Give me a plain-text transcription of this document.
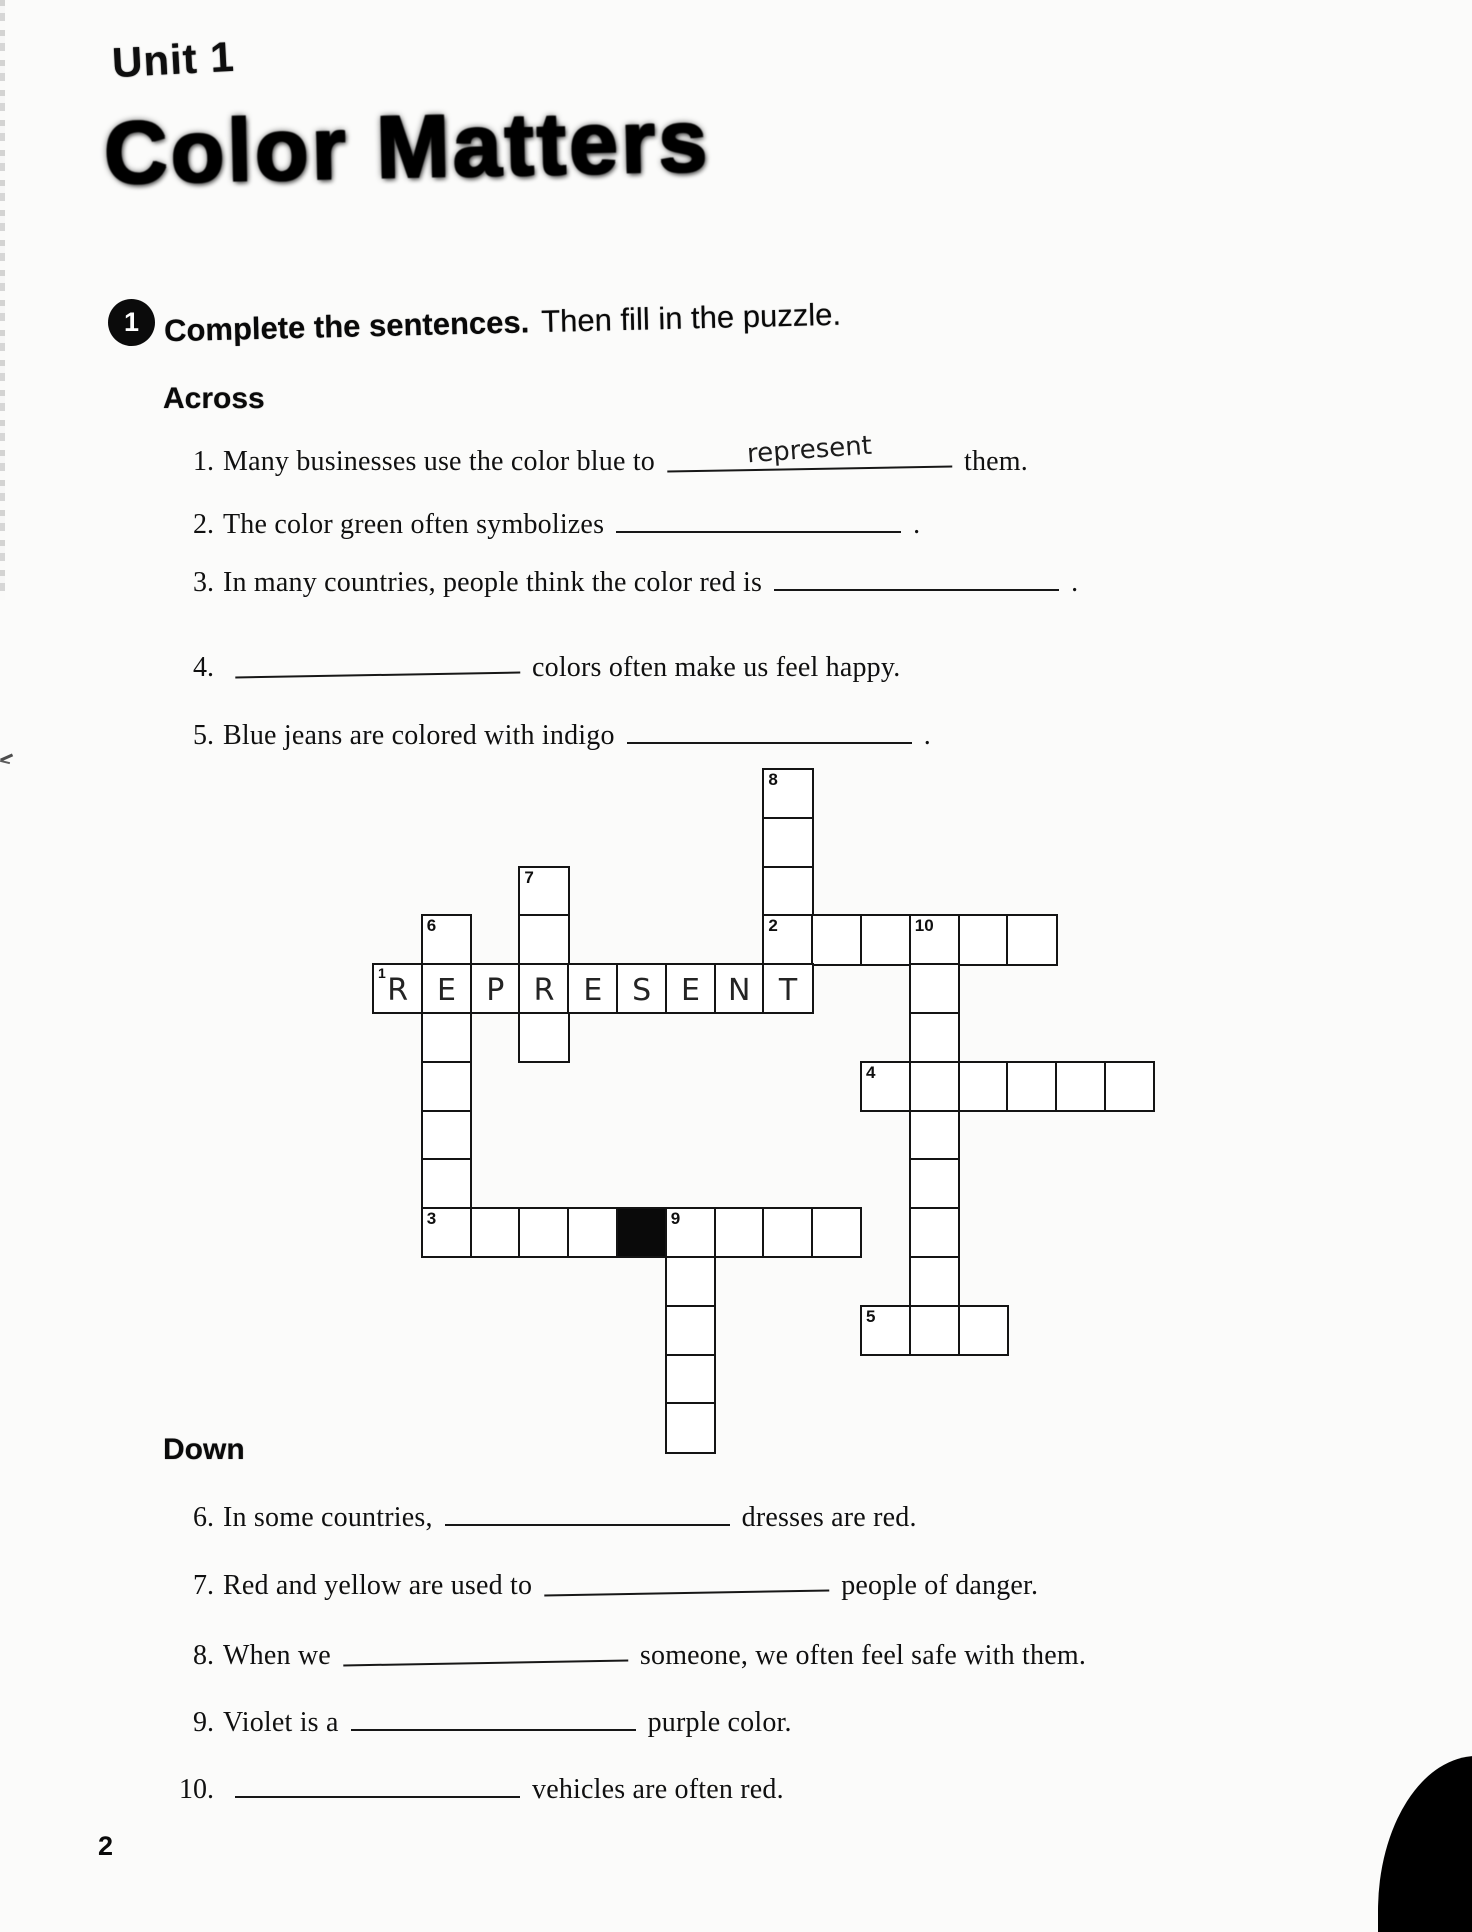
Unit 1
Color Matters
1 Complete the sentences. Then fill in the puzzle.
Across
1. Many businesses use the color blue to	represent	them.
2. The color green often symbolizes	.
3. In many countries, people think the color red is	.
4.	colors often make us feel happy.
5. Blue jeans are colored with indigo	.
8
7
6	2	10
1 R E	P R E S E N T
4
3	9
5
Down
6. In some countries,	dresses are red.
7. Red and yellow are used to	people of danger.
8. When we	someone, we often feel safe with them.
9. Violet is a	purple color.
10.	vehicles are often red.
2
